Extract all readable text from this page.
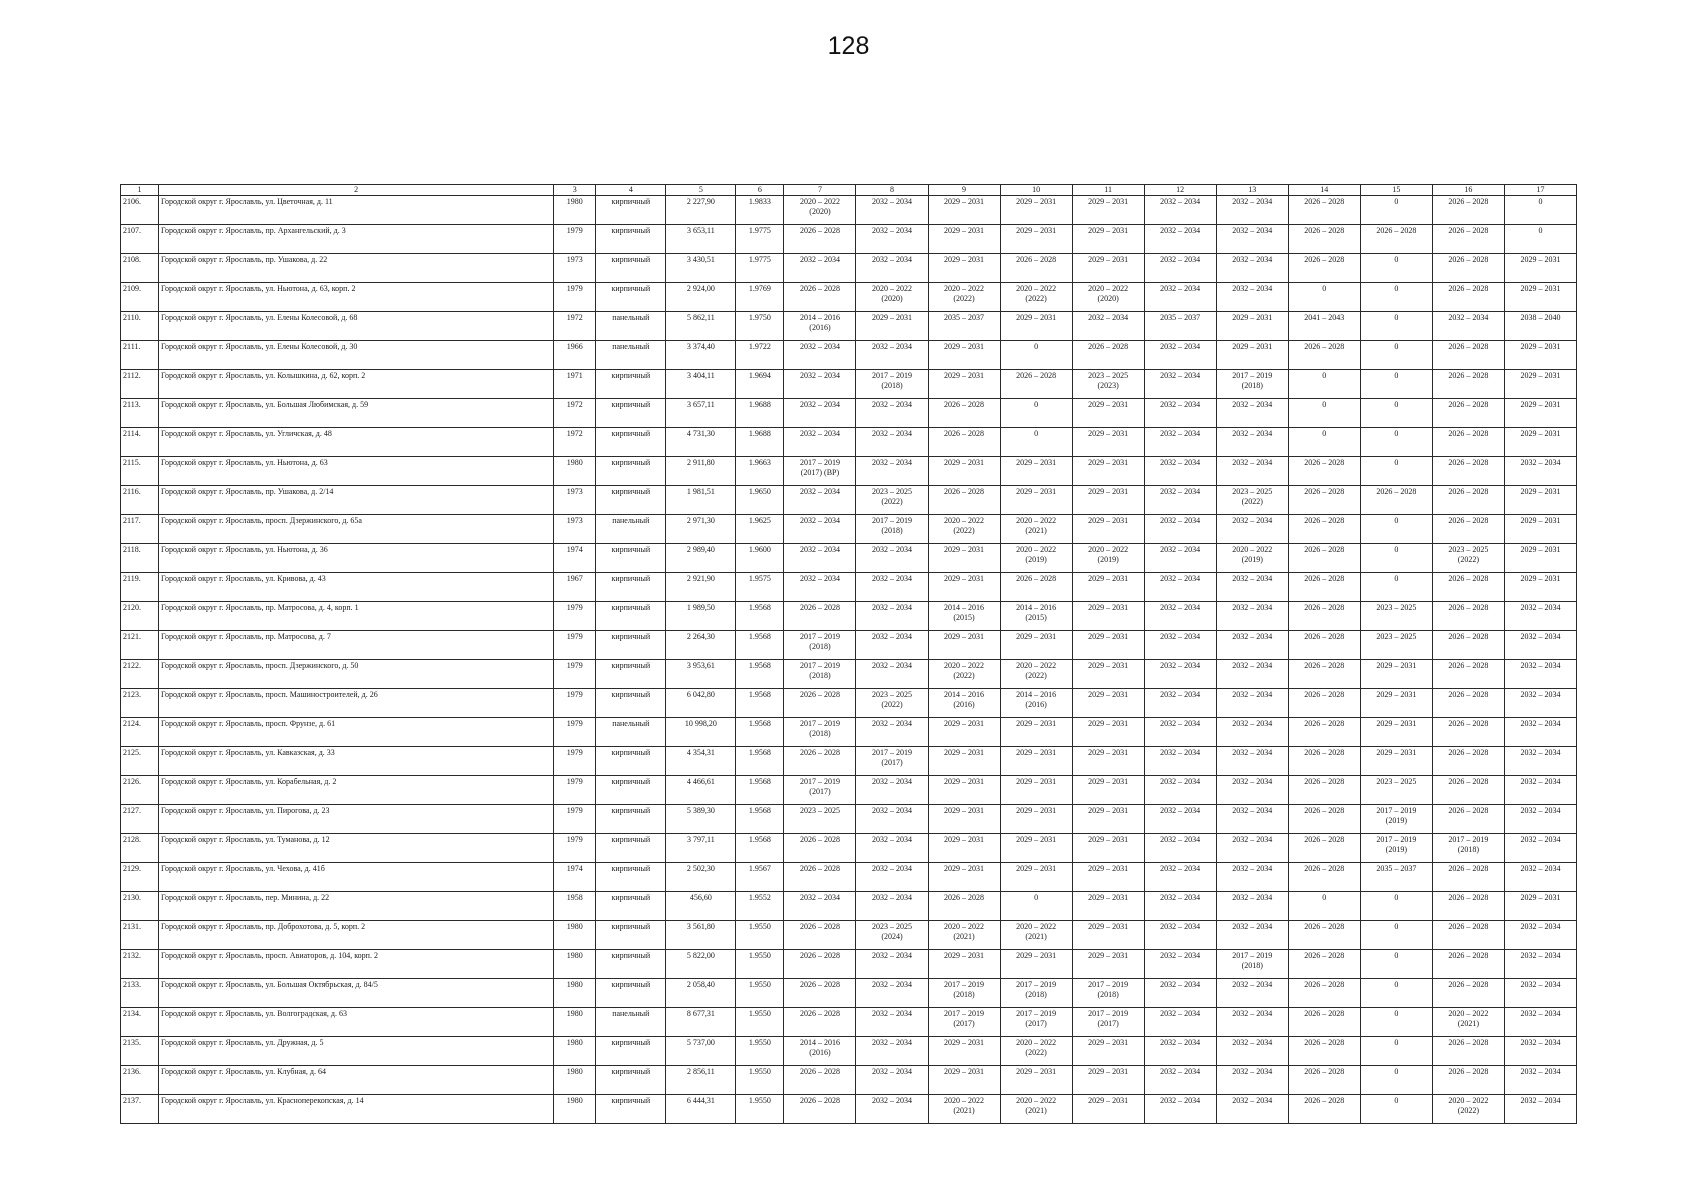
128
1	2	3	4	5	6	7	8	9	10	11	12	13	14	15	16	17

2106.	Городской округ г. Ярославль, ул. Цветочная, д. 11	1980	кирпичный	2 227,90	1.9833	2020 – 2022
(2020)	2032 – 2034	2029 – 2031	2029 – 2031	2029 – 2031	2032 – 2034	2032 – 2034	2026 – 2028	0	2026 – 2028	0

2107.	Городской округ г. Ярославль, пр. Архангельский, д. 3	1979	кирпичный	3 653,11	1.9775	2026 – 2028	2032 – 2034	2029 – 2031	2029 – 2031	2029 – 2031	2032 – 2034	2032 – 2034	2026 – 2028	2026 – 2028	2026 – 2028	0

2108.	Городской округ г. Ярославль, пр. Ушакова, д. 22	1973	кирпичный	3 430,51	1.9775	2032 – 2034	2032 – 2034	2029 – 2031	2026 – 2028	2029 – 2031	2032 – 2034	2032 – 2034	2026 – 2028	0	2026 – 2028	2029 – 2031

2109.	Городской округ г. Ярославль, ул. Ньютона, д. 63, корп. 2	1979	кирпичный	2 924,00	1.9769	2026 – 2028	2020 – 2022
(2020)	2020 – 2022
(2022)	2020 – 2022
(2022)	2020 – 2022
(2020)	2032 – 2034	2032 – 2034	0	0	2026 – 2028	2029 – 2031

2110.	Городской округ г. Ярославль, ул. Елены Колесовой, д. 68	1972	панельный	5 862,11	1.9750	2014 – 2016
(2016)	2029 – 2031	2035 – 2037	2029 – 2031	2032 – 2034	2035 – 2037	2029 – 2031	2041 – 2043	0	2032 – 2034	2038 – 2040

2111.	Городской округ г. Ярославль, ул. Елены Колесовой, д. 30	1966	панельный	3 374,40	1.9722	2032 – 2034	2032 – 2034	2029 – 2031	0	2026 – 2028	2032 – 2034	2029 – 2031	2026 – 2028	0	2026 – 2028	2029 – 2031

2112.	Городской округ г. Ярославль, ул. Колышкина, д. 62, корп. 2	1971	кирпичный	3 404,11	1.9694	2032 – 2034	2017 – 2019
(2018)	2029 – 2031	2026 – 2028	2023 – 2025
(2023)	2032 – 2034	2017 – 2019
(2018)	0	0	2026 – 2028	2029 – 2031

2113.	Городской округ г. Ярославль, ул. Большая Любимская, д. 59	1972	кирпичный	3 657,11	1.9688	2032 – 2034	2032 – 2034	2026 – 2028	0	2029 – 2031	2032 – 2034	2032 – 2034	0	0	2026 – 2028	2029 – 2031

2114.	Городской округ г. Ярославль, ул. Угличская, д. 48	1972	кирпичный	4 731,30	1.9688	2032 – 2034	2032 – 2034	2026 – 2028	0	2029 – 2031	2032 – 2034	2032 – 2034	0	0	2026 – 2028	2029 – 2031

2115.	Городской округ г. Ярославль, ул. Ньютона, д. 63	1980	кирпичный	2 911,80	1.9663	2017 – 2019
(2017) (ВР)	2032 – 2034	2029 – 2031	2029 – 2031	2029 – 2031	2032 – 2034	2032 – 2034	2026 – 2028	0	2026 – 2028	2032 – 2034

2116.	Городской округ г. Ярославль, пр. Ушакова, д. 2/14	1973	кирпичный	1 981,51	1.9650	2032 – 2034	2023 – 2025
(2022)	2026 – 2028	2029 – 2031	2029 – 2031	2032 – 2034	2023 – 2025
(2022)	2026 – 2028	2026 – 2028	2026 – 2028	2029 – 2031

2117.	Городской округ г. Ярославль, просп. Дзержинского, д. 65а	1973	панельный	2 971,30	1.9625	2032 – 2034	2017 – 2019
(2018)	2020 – 2022
(2022)	2020 – 2022
(2021)	2029 – 2031	2032 – 2034	2032 – 2034	2026 – 2028	0	2026 – 2028	2029 – 2031

2118.	Городской округ г. Ярославль, ул. Ньютона, д. 36	1974	кирпичный	2 989,40	1.9600	2032 – 2034	2032 – 2034	2029 – 2031	2020 – 2022
(2019)	2020 – 2022
(2019)	2032 – 2034	2020 – 2022
(2019)	2026 – 2028	0	2023 – 2025
(2022)	2029 – 2031

2119.	Городской округ г. Ярославль, ул. Кривова, д. 43	1967	кирпичный	2 921,90	1.9575	2032 – 2034	2032 – 2034	2029 – 2031	2026 – 2028	2029 – 2031	2032 – 2034	2032 – 2034	2026 – 2028	0	2026 – 2028	2029 – 2031

2120.	Городской округ г. Ярославль, пр. Матросова, д. 4, корп. 1	1979	кирпичный	1 989,50	1.9568	2026 – 2028	2032 – 2034	2014 – 2016
(2015)	2014 – 2016
(2015)	2029 – 2031	2032 – 2034	2032 – 2034	2026 – 2028	2023 – 2025	2026 – 2028	2032 – 2034

2121.	Городской округ г. Ярославль, пр. Матросова, д. 7	1979	кирпичный	2 264,30	1.9568	2017 – 2019
(2018)	2032 – 2034	2029 – 2031	2029 – 2031	2029 – 2031	2032 – 2034	2032 – 2034	2026 – 2028	2023 – 2025	2026 – 2028	2032 – 2034

2122.	Городской округ г. Ярославль, просп. Дзержинского, д. 50	1979	кирпичный	3 953,61	1.9568	2017 – 2019
(2018)	2032 – 2034	2020 – 2022
(2022)	2020 – 2022
(2022)	2029 – 2031	2032 – 2034	2032 – 2034	2026 – 2028	2029 – 2031	2026 – 2028	2032 – 2034

2123.	Городской округ г. Ярославль, просп. Машиностроителей, д. 26	1979	кирпичный	6 042,80	1.9568	2026 – 2028	2023 – 2025
(2022)	2014 – 2016
(2016)	2014 – 2016
(2016)	2029 – 2031	2032 – 2034	2032 – 2034	2026 – 2028	2029 – 2031	2026 – 2028	2032 – 2034

2124.	Городской округ г. Ярославль, просп. Фрунзе, д. 61	1979	панельный	10 998,20	1.9568	2017 – 2019
(2018)	2032 – 2034	2029 – 2031	2029 – 2031	2029 – 2031	2032 – 2034	2032 – 2034	2026 – 2028	2029 – 2031	2026 – 2028	2032 – 2034

2125.	Городской округ г. Ярославль, ул. Кавказская, д. 33	1979	кирпичный	4 354,31	1.9568	2026 – 2028	2017 – 2019
(2017)	2029 – 2031	2029 – 2031	2029 – 2031	2032 – 2034	2032 – 2034	2026 – 2028	2029 – 2031	2026 – 2028	2032 – 2034

2126.	Городской округ г. Ярославль, ул. Корабельная, д. 2	1979	кирпичный	4 466,61	1.9568	2017 – 2019
(2017)	2032 – 2034	2029 – 2031	2029 – 2031	2029 – 2031	2032 – 2034	2032 – 2034	2026 – 2028	2023 – 2025	2026 – 2028	2032 – 2034

2127.	Городской округ г. Ярославль, ул. Пирогова, д. 23	1979	кирпичный	5 389,30	1.9568	2023 – 2025	2032 – 2034	2029 – 2031	2029 – 2031	2029 – 2031	2032 – 2034	2032 – 2034	2026 – 2028	2017 – 2019
(2019)	2026 – 2028	2032 – 2034

2128.	Городской округ г. Ярославль, ул. Туманова, д. 12	1979	кирпичный	3 797,11	1.9568	2026 – 2028	2032 – 2034	2029 – 2031	2029 – 2031	2029 – 2031	2032 – 2034	2032 – 2034	2026 – 2028	2017 – 2019
(2019)	2017 – 2019
(2018)	2032 – 2034

2129.	Городской округ г. Ярославль, ул. Чехова, д. 41б	1974	кирпичный	2 502,30	1.9567	2026 – 2028	2032 – 2034	2029 – 2031	2029 – 2031	2029 – 2031	2032 – 2034	2032 – 2034	2026 – 2028	2035 – 2037	2026 – 2028	2032 – 2034

2130.	Городской округ г. Ярославль, пер. Минина, д. 22	1958	кирпичный	456,60	1.9552	2032 – 2034	2032 – 2034	2026 – 2028	0	2029 – 2031	2032 – 2034	2032 – 2034	0	0	2026 – 2028	2029 – 2031

2131.	Городской округ г. Ярославль, пр. Доброхотова, д. 5, корп. 2	1980	кирпичный	3 561,80	1.9550	2026 – 2028	2023 – 2025
(2024)	2020 – 2022
(2021)	2020 – 2022
(2021)	2029 – 2031	2032 – 2034	2032 – 2034	2026 – 2028	0	2026 – 2028	2032 – 2034

2132.	Городской округ г. Ярославль, просп. Авиаторов, д. 104, корп. 2	1980	кирпичный	5 822,00	1.9550	2026 – 2028	2032 – 2034	2029 – 2031	2029 – 2031	2029 – 2031	2032 – 2034	2017 – 2019
(2018)	2026 – 2028	0	2026 – 2028	2032 – 2034

2133.	Городской округ г. Ярославль, ул. Большая Октябрьская, д. 84/5	1980	кирпичный	2 058,40	1.9550	2026 – 2028	2032 – 2034	2017 – 2019
(2018)	2017 – 2019
(2018)	2017 – 2019
(2018)	2032 – 2034	2032 – 2034	2026 – 2028	0	2026 – 2028	2032 – 2034

2134.	Городской округ г. Ярославль, ул. Волгоградская, д. 63	1980	панельный	8 677,31	1.9550	2026 – 2028	2032 – 2034	2017 – 2019
(2017)	2017 – 2019
(2017)	2017 – 2019
(2017)	2032 – 2034	2032 – 2034	2026 – 2028	0	2020 – 2022
(2021)	2032 – 2034

2135.	Городской округ г. Ярославль, ул. Дружная, д. 5	1980	кирпичный	5 737,00	1.9550	2014 – 2016
(2016)	2032 – 2034	2029 – 2031	2020 – 2022
(2022)	2029 – 2031	2032 – 2034	2032 – 2034	2026 – 2028	0	2026 – 2028	2032 – 2034

2136.	Городской округ г. Ярославль, ул. Клубная, д. 64	1980	кирпичный	2 856,11	1.9550	2026 – 2028	2032 – 2034	2029 – 2031	2029 – 2031	2029 – 2031	2032 – 2034	2032 – 2034	2026 – 2028	0	2026 – 2028	2032 – 2034

2137.	Городской округ г. Ярославль, ул. Красноперекопская, д. 14	1980	кирпичный	6 444,31	1.9550	2026 – 2028	2032 – 2034	2020 – 2022
(2021)	2020 – 2022
(2021)	2029 – 2031	2032 – 2034	2032 – 2034	2026 – 2028	0	2020 – 2022
(2022)	2032 – 2034
